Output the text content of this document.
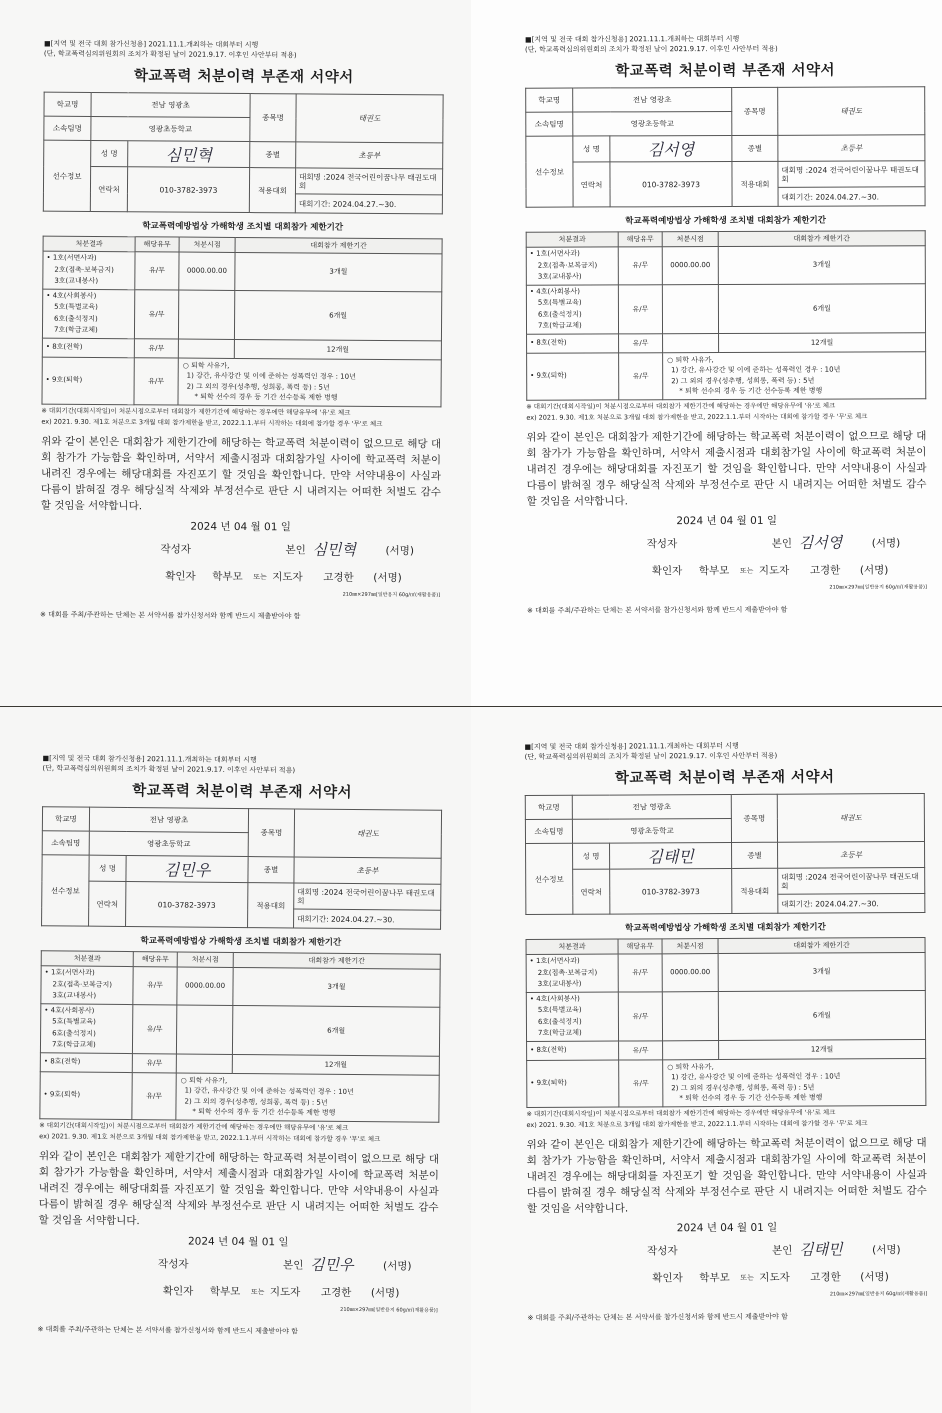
■[지역 및 전국 대회 참가신청용] 2021.11.1.개최하는 대회부터 시행
(단, 학교폭력심의위원회의 조치가 확정된 날이 2021.9.17. 이후인 사안부터 적용)
학교폭력 처분이력 부존재 서약서
학교명	전남 영광초		종목명	태권도
소속팀명	영광초등학교			
선수정보	성 명	심민혁	종별	초등부
	연락처	010-3782-3973	적용대회	대회명 :2024 전국어린이꿈나무 태권도대회
				대회기간: 2024.04.27.~30.
학교폭력예방법상 가해학생 조치별 대회참가 제한기간
처분결과	해당유무	처분시점	대회참가 제한기간

• 1호(서면사과)
2호(접촉·보복금지)
3호(교내봉사)	유/무	0000.00.00	3개월

• 4호(사회봉사)
5호(특별교육)
6호(출석정지)
7호(학급교체)	유/무		6개월

• 8호(전학)	유/무		12개월
• 9호(퇴학)	유/무	○ 퇴학 사유가,
1) 강간, 유사강간 및 이에 준하는 성폭력인 경우 : 10년
2) 그 외의 경우(성추행, 성희롱, 폭력 등) : 5년
* 퇴학 선수의 경우 등 기간 선수등록 제한 병행	
※ 대회기간(대회시작일)이 처분시점으로부터 대회참가 제한기간에 해당하는 경우에만 해당유무에 '유'로 체크
ex) 2021. 9.30. 제1호 처분으로 3개월 대회 참가제한을 받고, 2022.1.1.부터 시작하는 대회에 참가할 경우 '무'로 체크
위와 같이 본인은 대회참가 제한기간에 해당하는 학교폭력 처분이력이 없으므로 해당 대회 참가가 가능함을 확인하며, 서약서 제출시점과 대회참가일 사이에 학교폭력 처분이 내려진 경우에는 해당대회를 자진포기 할 것임을 확인합니다. 만약 서약내용이 사실과 다름이 밝혀질 경우 해당실적 삭제와 부정선수로 판단 시 내려지는 어떠한 처벌도 감수할 것임을 서약합니다.
2024 년 04 월 01 일
작성자	본인 심민혁	(서명)
확인자 학부모 또는 지도자 고경한 (서명)
210㎜×297㎜[일반용지 60g/㎡(재활용품)]
※ 대회를 주최/주관하는 단체는 본 서약서를 참가신청서와 함께 반드시 제출받아야 함
■[지역 및 전국 대회 참가신청용] 2021.11.1.개최하는 대회부터 시행
(단, 학교폭력심의위원회의 조치가 확정된 날이 2021.9.17. 이후인 사안부터 적용)
학교폭력 처분이력 부존재 서약서
학교명	전남 영광초		종목명	태권도
소속팀명	영광초등학교			
선수정보	성 명	김서영	종별	초등부
	연락처	010-3782-3973	적용대회	대회명 :2024 전국어린이꿈나무 태권도대회
				대회기간: 2024.04.27.~30.
학교폭력예방법상 가해학생 조치별 대회참가 제한기간
처분결과	해당유무	처분시점	대회참가 제한기간

• 1호(서면사과)
2호(접촉·보복금지)
3호(교내봉사)	유/무	0000.00.00	3개월

• 4호(사회봉사)
5호(특별교육)
6호(출석정지)
7호(학급교체)	유/무		6개월

• 8호(전학)	유/무		12개월
• 9호(퇴학)	유/무	○ 퇴학 사유가,
1) 강간, 유사강간 및 이에 준하는 성폭력인 경우 : 10년
2) 그 외의 경우(성추행, 성희롱, 폭력 등) : 5년
* 퇴학 선수의 경우 등 기간 선수등록 제한 병행	
※ 대회기간(대회시작일)이 처분시점으로부터 대회참가 제한기간에 해당하는 경우에만 해당유무에 '유'로 체크
ex) 2021. 9.30. 제1호 처분으로 3개월 대회 참가제한을 받고, 2022.1.1.부터 시작하는 대회에 참가할 경우 '무'로 체크
위와 같이 본인은 대회참가 제한기간에 해당하는 학교폭력 처분이력이 없으므로 해당 대회 참가가 가능함을 확인하며, 서약서 제출시점과 대회참가일 사이에 학교폭력 처분이 내려진 경우에는 해당대회를 자진포기 할 것임을 확인합니다. 만약 서약내용이 사실과 다름이 밝혀질 경우 해당실적 삭제와 부정선수로 판단 시 내려지는 어떠한 처벌도 감수할 것임을 서약합니다.
2024 년 04 월 01 일
작성자	본인 김서영	(서명)
확인자 학부모 또는 지도자 고경한 (서명)
210㎜×297㎜[일반용지 60g/㎡(재활용품)]
※ 대회를 주최/주관하는 단체는 본 서약서를 참가신청서와 함께 반드시 제출받아야 함
■[지역 및 전국 대회 참가신청용] 2021.11.1.개최하는 대회부터 시행
(단, 학교폭력심의위원회의 조치가 확정된 날이 2021.9.17. 이후인 사안부터 적용)
학교폭력 처분이력 부존재 서약서
학교명	전남 영광초		종목명	태권도
소속팀명	영광초등학교			
선수정보	성 명	김민우	종별	초등부
	연락처	010-3782-3973	적용대회	대회명 :2024 전국어린이꿈나무 태권도대회
				대회기간: 2024.04.27.~30.
학교폭력예방법상 가해학생 조치별 대회참가 제한기간
처분결과	해당유무	처분시점	대회참가 제한기간

• 1호(서면사과)
2호(접촉·보복금지)
3호(교내봉사)	유/무	0000.00.00	3개월

• 4호(사회봉사)
5호(특별교육)
6호(출석정지)
7호(학급교체)	유/무		6개월

• 8호(전학)	유/무		12개월
• 9호(퇴학)	유/무	○ 퇴학 사유가,
1) 강간, 유사강간 및 이에 준하는 성폭력인 경우 : 10년
2) 그 외의 경우(성추행, 성희롱, 폭력 등) : 5년
* 퇴학 선수의 경우 등 기간 선수등록 제한 병행	
※ 대회기간(대회시작일)이 처분시점으로부터 대회참가 제한기간에 해당하는 경우에만 해당유무에 '유'로 체크
ex) 2021. 9.30. 제1호 처분으로 3개월 대회 참가제한을 받고, 2022.1.1.부터 시작하는 대회에 참가할 경우 '무'로 체크
위와 같이 본인은 대회참가 제한기간에 해당하는 학교폭력 처분이력이 없으므로 해당 대회 참가가 가능함을 확인하며, 서약서 제출시점과 대회참가일 사이에 학교폭력 처분이 내려진 경우에는 해당대회를 자진포기 할 것임을 확인합니다. 만약 서약내용이 사실과 다름이 밝혀질 경우 해당실적 삭제와 부정선수로 판단 시 내려지는 어떠한 처벌도 감수할 것임을 서약합니다.
2024 년 04 월 01 일
작성자	본인 김민우	(서명)
확인자 학부모 또는 지도자 고경한 (서명)
210㎜×297㎜[일반용지 60g/㎡(재활용품)]
※ 대회를 주최/주관하는 단체는 본 서약서를 참가신청서와 함께 반드시 제출받아야 함
■[지역 및 전국 대회 참가신청용] 2021.11.1.개최하는 대회부터 시행
(단, 학교폭력심의위원회의 조치가 확정된 날이 2021.9.17. 이후인 사안부터 적용)
학교폭력 처분이력 부존재 서약서
학교명	전남 영광초		종목명	태권도
소속팀명	영광초등학교			
선수정보	성 명	김태민	종별	초등부
	연락처	010-3782-3973	적용대회	대회명 :2024 전국어린이꿈나무 태권도대회
				대회기간: 2024.04.27.~30.
학교폭력예방법상 가해학생 조치별 대회참가 제한기간
처분결과	해당유무	처분시점	대회참가 제한기간

• 1호(서면사과)
2호(접촉·보복금지)
3호(교내봉사)	유/무	0000.00.00	3개월

• 4호(사회봉사)
5호(특별교육)
6호(출석정지)
7호(학급교체)	유/무		6개월

• 8호(전학)	유/무		12개월
• 9호(퇴학)	유/무	○ 퇴학 사유가,
1) 강간, 유사강간 및 이에 준하는 성폭력인 경우 : 10년
2) 그 외의 경우(성추행, 성희롱, 폭력 등) : 5년
* 퇴학 선수의 경우 등 기간 선수등록 제한 병행	
※ 대회기간(대회시작일)이 처분시점으로부터 대회참가 제한기간에 해당하는 경우에만 해당유무에 '유'로 체크
ex) 2021. 9.30. 제1호 처분으로 3개월 대회 참가제한을 받고, 2022.1.1.부터 시작하는 대회에 참가할 경우 '무'로 체크
위와 같이 본인은 대회참가 제한기간에 해당하는 학교폭력 처분이력이 없으므로 해당 대회 참가가 가능함을 확인하며, 서약서 제출시점과 대회참가일 사이에 학교폭력 처분이 내려진 경우에는 해당대회를 자진포기 할 것임을 확인합니다. 만약 서약내용이 사실과 다름이 밝혀질 경우 해당실적 삭제와 부정선수로 판단 시 내려지는 어떠한 처벌도 감수할 것임을 서약합니다.
2024 년 04 월 01 일
작성자	본인 김태민	(서명)
확인자 학부모 또는 지도자 고경한 (서명)
210㎜×297㎜[일반용지 60g/㎡(재활용품)]
※ 대회를 주최/주관하는 단체는 본 서약서를 참가신청서와 함께 반드시 제출받아야 함
